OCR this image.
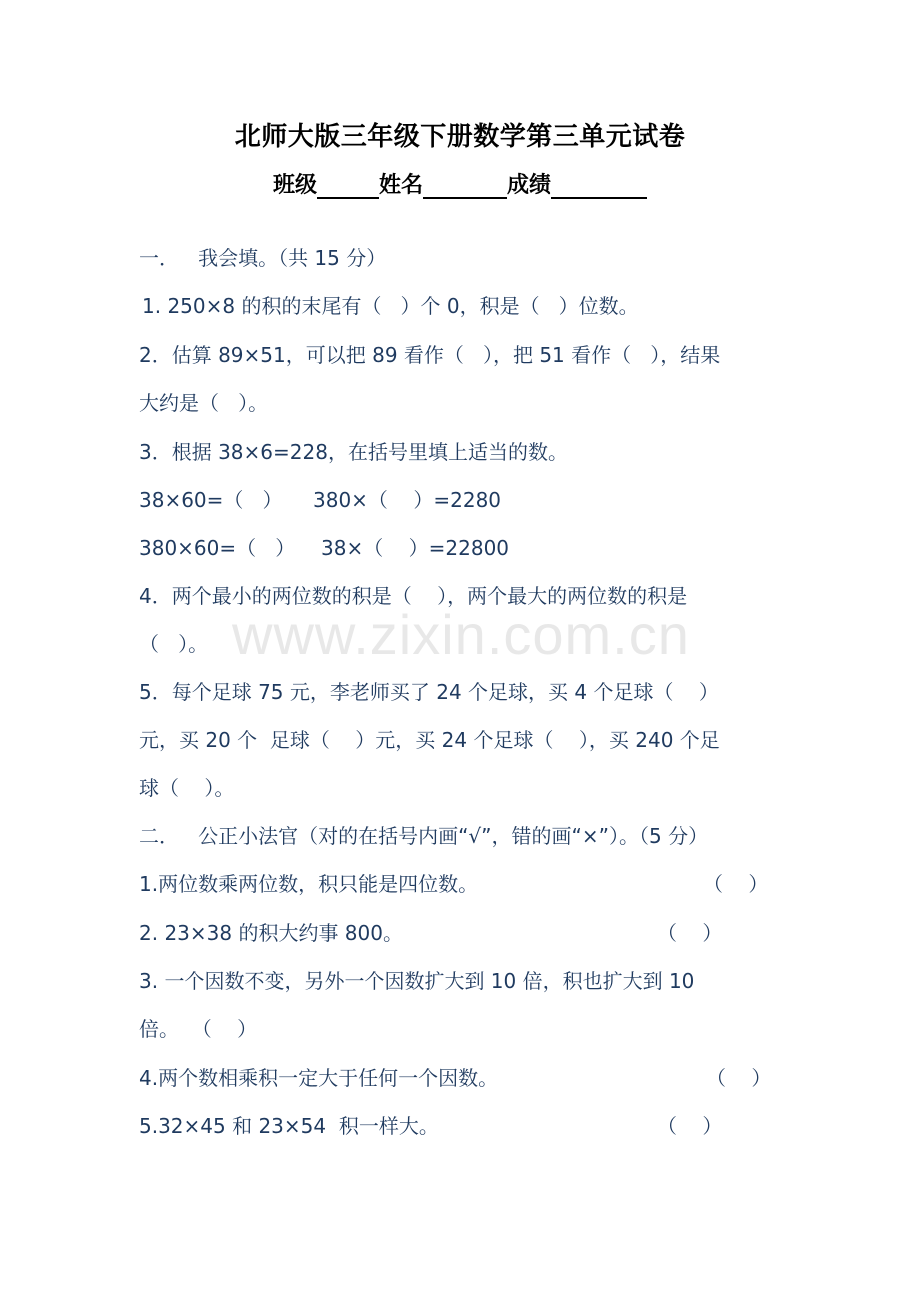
北师大版三年级下册数学第三单元试卷
班级	姓名	成绩
一．   我会填。（共 15 分）
1. 250×8 的积的末尾有（   ）个 0，积是（   ）位数。
2．估算 89×51，可以把 89 看作（   ），把 51 看作（   ），结果
大约是（   ）。
3．根据 38×6=228，在括号里填上适当的数。
38×60=（   ） 380×（    ）=2280
380×60=（   ） 38×（    ）=22800
4．两个最小的两位数的积是（    ），两个最大的两位数的积是
（   ）。
5．每个足球 75 元，李老师买了 24 个足球，买 4 个足球（    ）
元，买 20 个  足球（    ）元，买 24 个足球（    ），买 240 个足
球（    ）。
二．   公正小法官（对的在括号内画“√”，错的画“×”）。（5 分）
1.两位数乘两位数，积只能是四位数。	（    ）
2. 23×38 的积大约事 800。	（    ）
3. 一个因数不变，另外一个因数扩大到 10 倍，积也扩大到 10
倍。  （    ）
4.两个数相乘积一定大于任何一个因数。	（    ）
5.32×45 和 23×54  积一样大。	（    ）
www.zixin.com.cn
